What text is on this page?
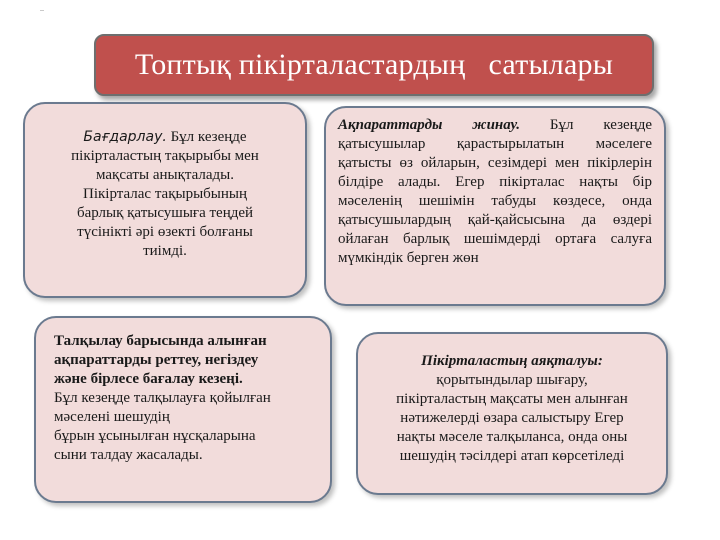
..
Топтық пікірталастардың   сатылары
Бағдарлау. Бұл кезеңде
пікірталастың тақырыбы мен
мақсаты анықталады.
Пікірталас тақырыбының
барлық қатысушыға теңдей
түсінікті әрі өзекті болғаны
тиімді.
Ақпараттарды жинау. Бұл кезеңде қатысушылар қарастырылатын мәселеге қатысты өз ойларын, сезімдері мен пікірлерін білдіре алады. Егер пікірталас нақты бір мәселенің шешімін табуды көздесе, онда қатысушылардың қай-қайсысына да өздері ойлаған барлық шешімдерді ортаға салуға мүмкіндік берген жөн
Талқылау барысында алынған
ақпараттарды реттеу, негіздеу
және бірлесе бағалау кезеңі.
Бұл кезеңде талқылауға қойылған
мәселені шешудің
бұрын ұсынылған нұсқаларына
сыни талдау жасалады.
Пікірталастың аяқталуы:
қорытындылар шығару,
пікірталастың мақсаты мен алынған
нәтижелерді өзара салыстыру Егер
нақты мәселе талқыланса, онда оны
шешудің тәсілдері атап көрсетіледі
